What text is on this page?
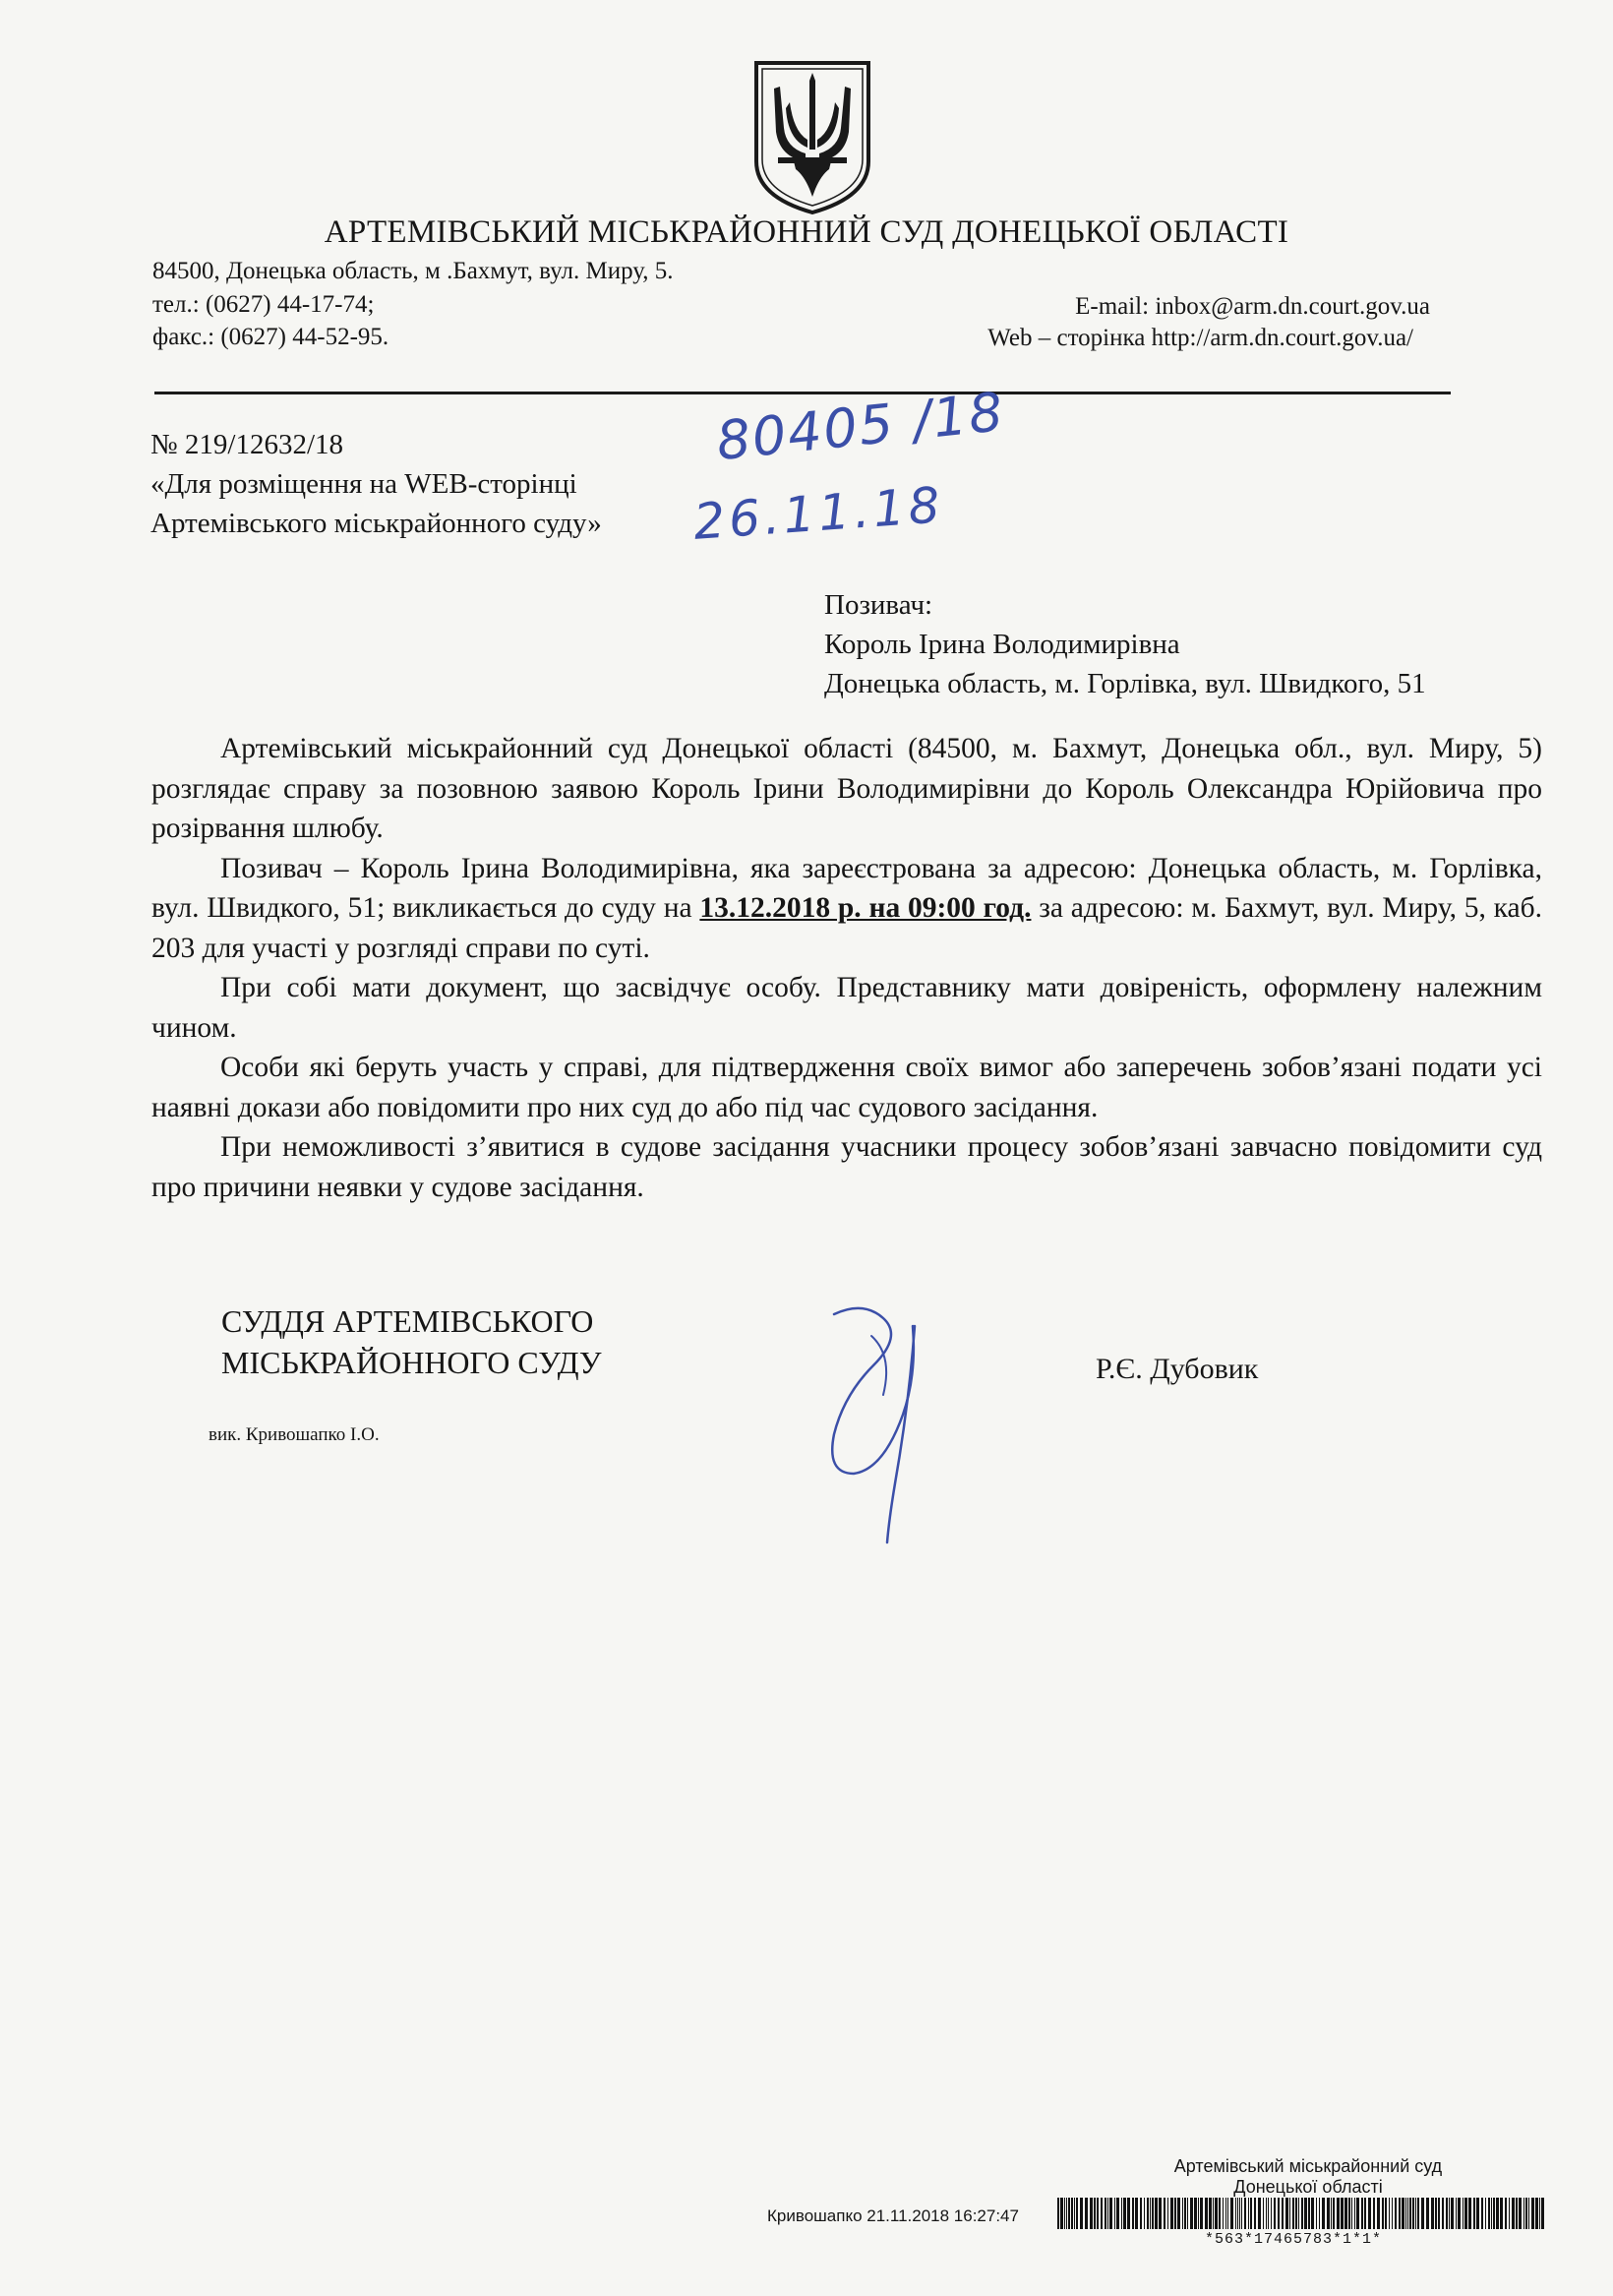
АРТЕМІВСЬКИЙ МІСЬКРАЙОННИЙ СУД ДОНЕЦЬКОЇ ОБЛАСТІ
84500, Донецька область, м .Бахмут, вул. Миру, 5.
тел.: (0627) 44-17-74;
факс.: (0627) 44-52-95.
E-mail: inbox@arm.dn.court.gov.ua
Web – сторінка http://arm.dn.court.gov.ua/
№ 219/12632/18
«Для розміщення на WEB-сторінці
Артемівського міськрайонного суду»
80405 /18
26.11.18
Позивач:
Король Ірина Володимирівна
Донецька область, м. Горлівка, вул. Швидкого, 51

Артемівський міськрайонний суд Донецької області (84500, м. Бахмут, Донецька обл., вул. Миру, 5) розглядає справу за позовною заявою Король Ірини Володимирівни до Король Олександра Юрійовича про розірвання шлюбу.

Позивач – Король Ірина Володимирівна, яка зареєстрована за адресою: Донецька область, м. Горлівка, вул. Швидкого, 51; викликається до суду на 13.12.2018 р. на 09:00 год. за адресою: м. Бахмут, вул. Миру, 5, каб. 203 для участі у розгляді справи по суті.

При собі мати документ, що засвідчує особу. Представнику мати довіреність, оформлену належним чином.

Особи які беруть участь у справі, для підтвердження своїх вимог або заперечень зобов’язані подати усі наявні докази або повідомити про них суд до або під час судового засідання.

При неможливості з’явитися в судове засідання учасники процесу зобов’язані завчасно повідомити суд про причини неявки у судове засідання.

СУДДЯ АРТЕМІВСЬКОГО
МІСЬКРАЙОННОГО СУДУ	Р.Є. Дубовик
вик. Кривошапко І.О.
Артемівський міськрайонний суд
Донецької області
Кривошапко 21.11.2018 16:27:47
*563*17465783*1*1*
